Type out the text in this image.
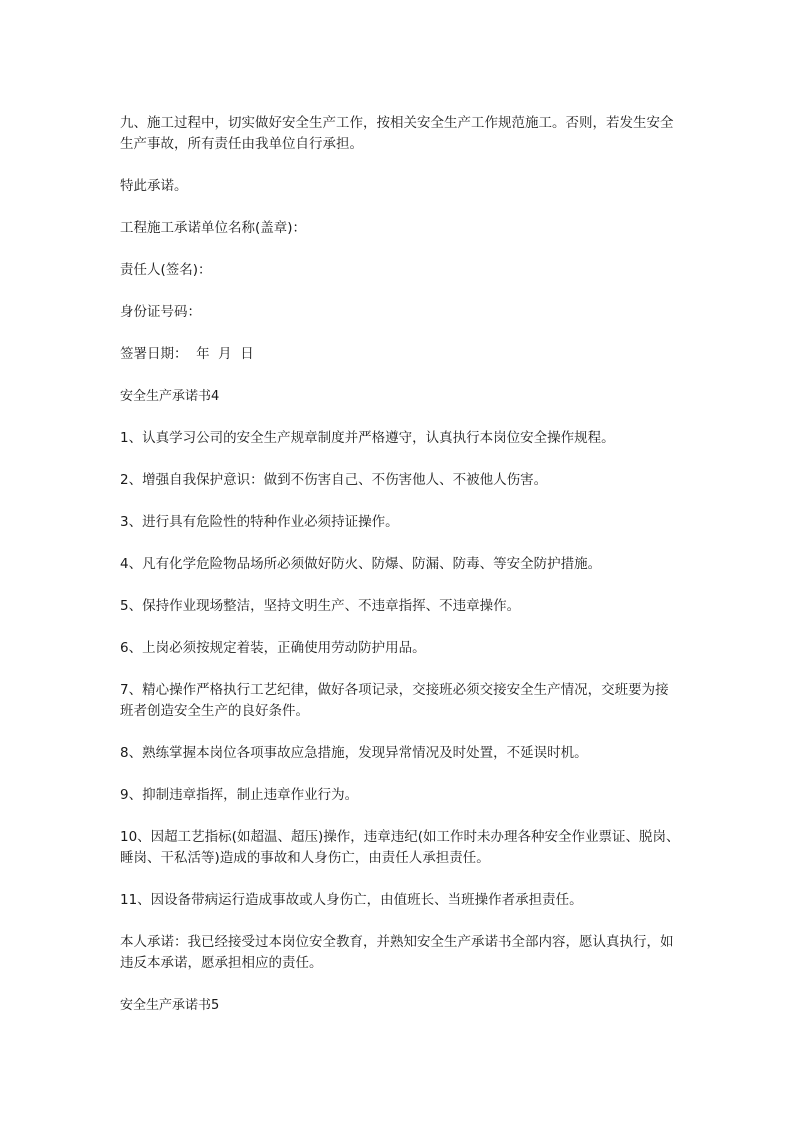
九、施工过程中，切实做好安全生产工作，按相关安全生产工作规范施工。否则，若发生安全生产事故，所有责任由我单位自行承担。

特此承诺。

工程施工承诺单位名称(盖章)：

责任人(签名)：

身份证号码：

签署日期：  年  月  日

安全生产承诺书4

1、认真学习公司的安全生产规章制度并严格遵守，认真执行本岗位安全操作规程。

2、增强自我保护意识：做到不伤害自己、不伤害他人、不被他人伤害。

3、进行具有危险性的特种作业必须持证操作。

4、凡有化学危险物品场所必须做好防火、防爆、防漏、防毒、等安全防护措施。

5、保持作业现场整洁，坚持文明生产、不违章指挥、不违章操作。

6、上岗必须按规定着装，正确使用劳动防护用品。

7、精心操作严格执行工艺纪律，做好各项记录，交接班必须交接安全生产情况，交班要为接班者创造安全生产的良好条件。

8、熟练掌握本岗位各项事故应急措施，发现异常情况及时处置，不延误时机。

9、抑制违章指挥，制止违章作业行为。

10、因超工艺指标(如超温、超压)操作，违章违纪(如工作时未办理各种安全作业票证、脱岗、睡岗、干私活等)造成的事故和人身伤亡，由责任人承担责任。

11、因设备带病运行造成事故或人身伤亡，由值班长、当班操作者承担责任。

本人承诺：我已经接受过本岗位安全教育，并熟知安全生产承诺书全部内容，愿认真执行，如违反本承诺，愿承担相应的责任。

安全生产承诺书5
